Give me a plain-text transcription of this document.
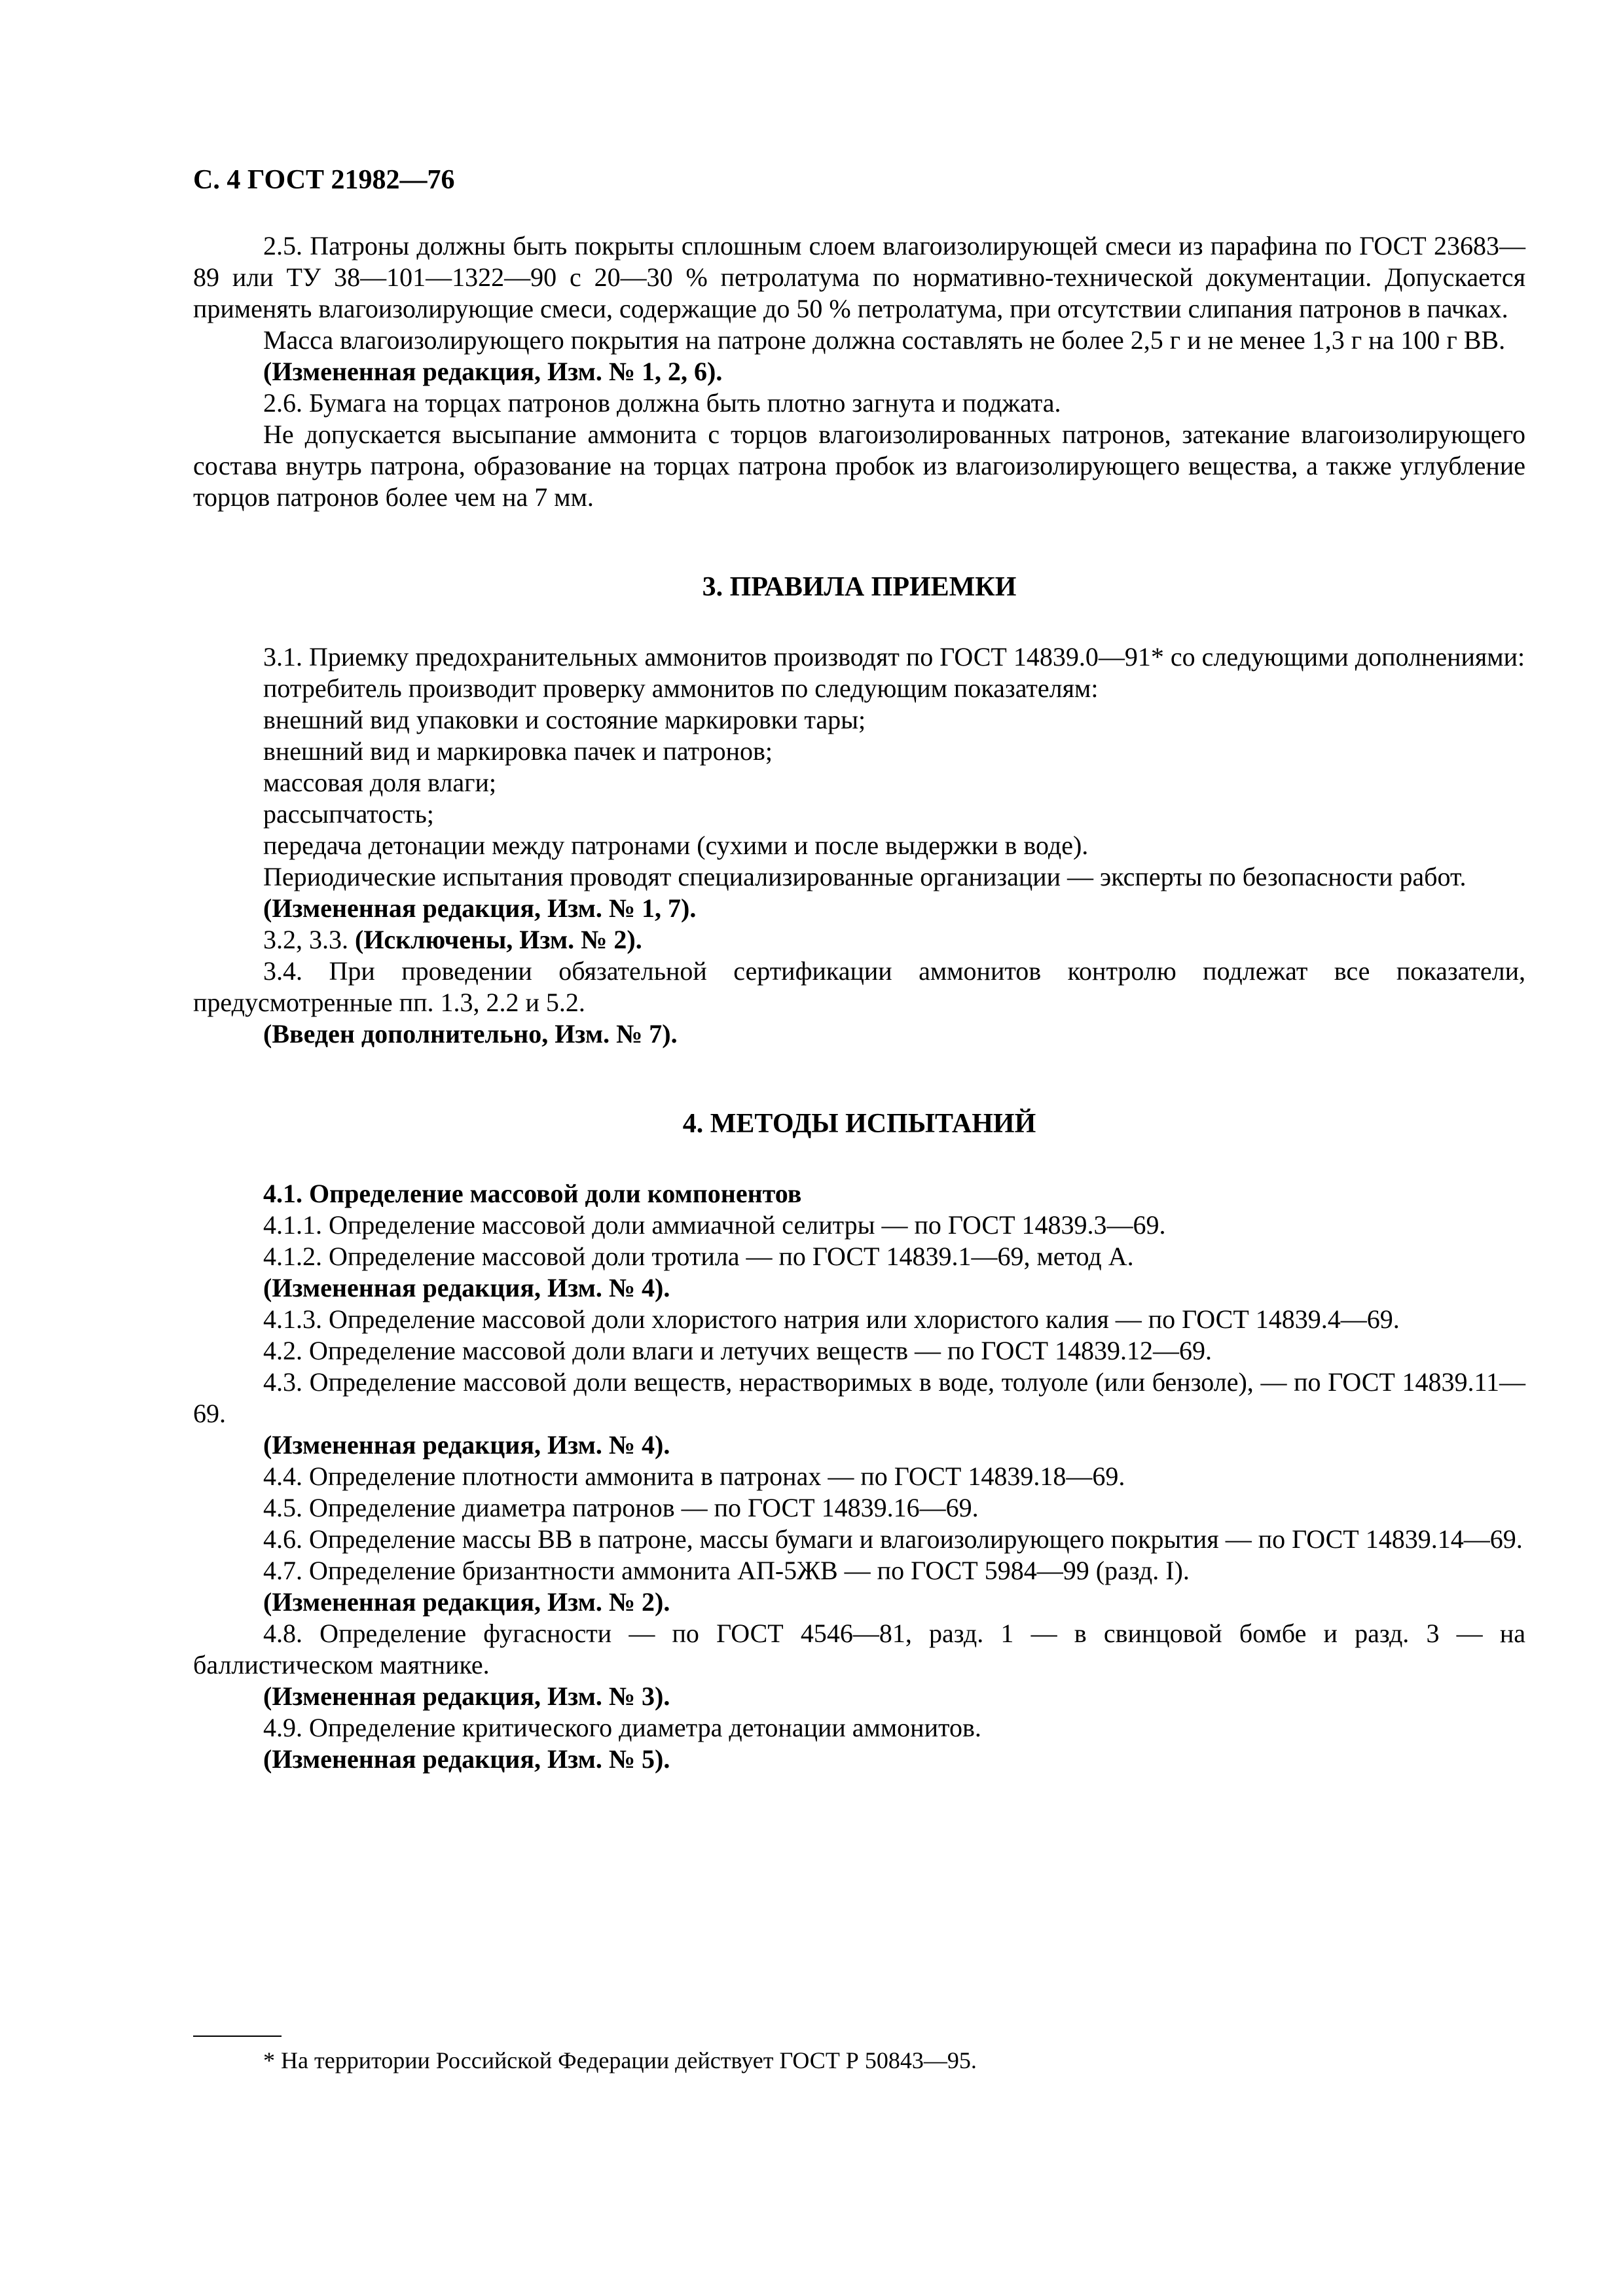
С. 4 ГОСТ 21982—76

2.5. Патроны должны быть покрыты сплошным слоем влагоизолирующей смеси из парафина по ГОСТ 23683—89 или ТУ 38—101—1322—90 с 20—30 % петролатума по нормативно-технической документации. Допускается применять влагоизолирующие смеси, содержащие до 50 % петролатума, при отсутствии слипания патронов в пачках.

Масса влагоизолирующего покрытия на патроне должна составлять не более 2,5 г и не менее 1,3 г на 100 г ВВ.

(Измененная редакция, Изм. № 1, 2, 6).

2.6. Бумага на торцах патронов должна быть плотно загнута и поджата.

Не допускается высыпание аммонита с торцов влагоизолированных патронов, затекание влагоизолирующего состава внутрь патрона, образование на торцах патрона пробок из влагоизолирующего вещества, а также углубление торцов патронов более чем на 7 мм.

3. ПРАВИЛА ПРИЕМКИ

3.1. Приемку предохранительных аммонитов производят по ГОСТ 14839.0—91* со следующими дополнениями:

потребитель производит проверку аммонитов по следующим показателям:

внешний вид упаковки и состояние маркировки тары;

внешний вид и маркировка пачек и патронов;

массовая доля влаги;

рассыпчатость;

передача детонации между патронами (сухими и после выдержки в воде).

Периодические испытания проводят специализированные организации — эксперты по безопасности работ.

(Измененная редакция, Изм. № 1, 7).

3.2, 3.3. (Исключены, Изм. № 2).

3.4. При проведении обязательной сертификации аммонитов контролю подлежат все показатели, предусмотренные пп. 1.3, 2.2 и 5.2.

(Введен дополнительно, Изм. № 7).

4. МЕТОДЫ ИСПЫТАНИЙ

4.1. Определение массовой доли компонентов

4.1.1. Определение массовой доли аммиачной селитры — по ГОСТ 14839.3—69.

4.1.2. Определение массовой доли тротила — по ГОСТ 14839.1—69, метод А.

(Измененная редакция, Изм. № 4).

4.1.3. Определение массовой доли хлористого натрия или хлористого калия — по ГОСТ 14839.4—69.

4.2. Определение массовой доли влаги и летучих веществ — по ГОСТ 14839.12—69.

4.3. Определение массовой доли веществ, нерастворимых в воде, толуоле (или бензоле), — по ГОСТ 14839.11—69.

(Измененная редакция, Изм. № 4).

4.4. Определение плотности аммонита в патронах — по ГОСТ 14839.18—69.

4.5. Определение диаметра патронов — по ГОСТ 14839.16—69.

4.6. Определение массы ВВ в патроне, массы бумаги и влагоизолирующего покрытия — по ГОСТ 14839.14—69.

4.7. Определение бризантности аммонита АП-5ЖВ — по ГОСТ 5984—99 (разд. I).

(Измененная редакция, Изм. № 2).

4.8. Определение фугасности — по ГОСТ 4546—81, разд. 1 — в свинцовой бомбе и разд. 3 — на баллистическом маятнике.

(Измененная редакция, Изм. № 3).

4.9. Определение критического диаметра детонации аммонитов.

(Измененная редакция, Изм. № 5).

* На территории Российской Федерации действует ГОСТ Р 50843—95.
